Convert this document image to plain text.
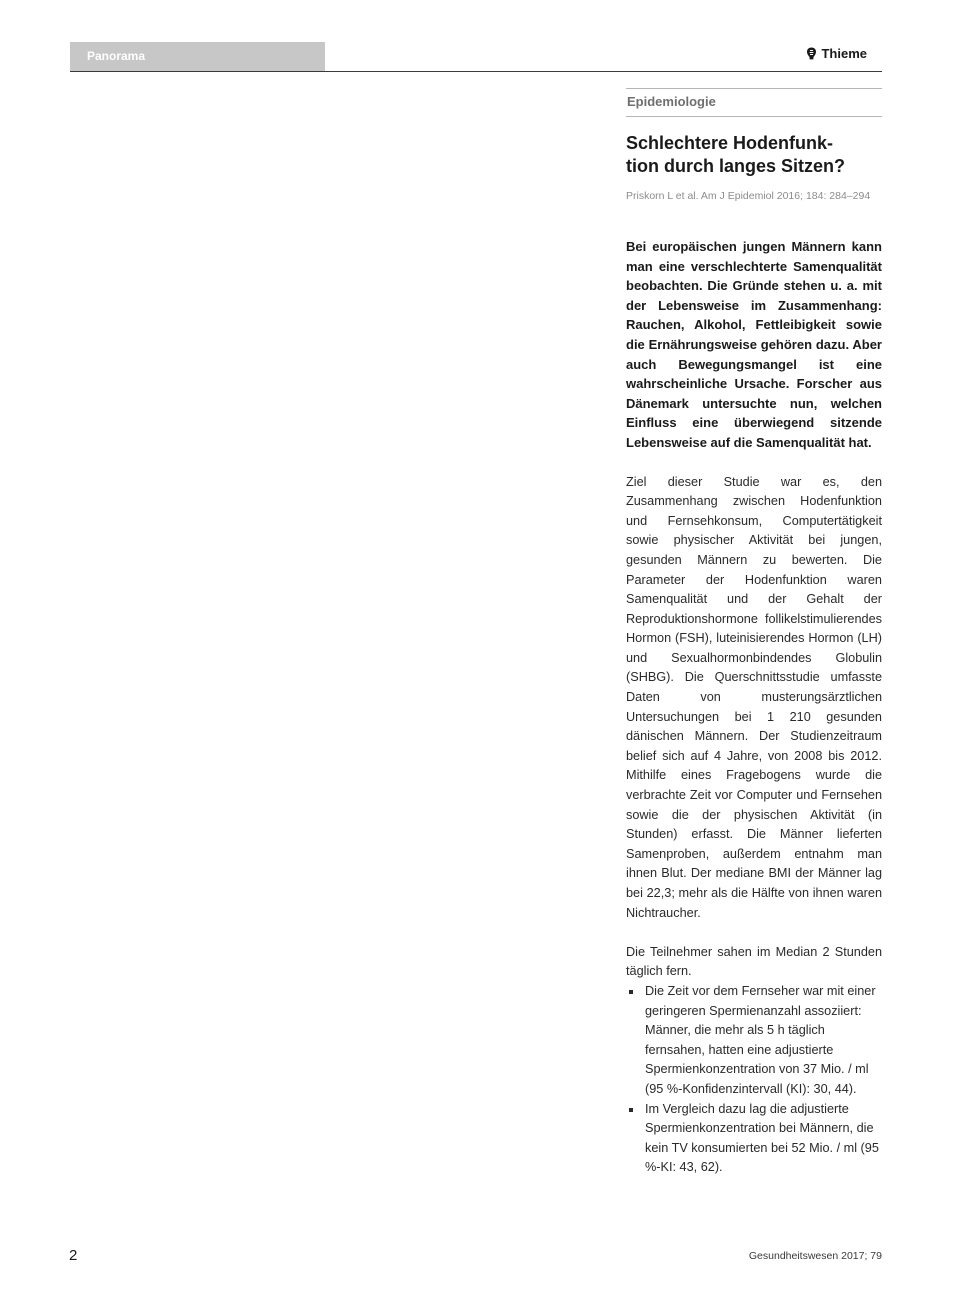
Panorama	Thieme
Epidemiologie
Schlechtere Hodenfunk-
tion durch langes Sitzen?
Priskorn L et al. Am J Epidemiol 2016; 184: 284–294
Bei europäischen jungen Männern kann man eine verschlechterte Samenqualität beobachten. Die Gründe stehen u. a. mit der Lebensweise im Zusammenhang: Rauchen, Alkohol, Fettleibigkeit sowie die Ernährungsweise gehören dazu. Aber auch Bewegungsmangel ist eine wahrscheinliche Ursache. Forscher aus Dänemark untersuchte nun, welchen Einfluss eine überwiegend sitzende Lebensweise auf die Samenqualität hat.

Ziel dieser Studie war es, den Zusammenhang zwischen Hodenfunktion und Fernsehkonsum, Computertätigkeit sowie physischer Aktivität bei jungen, gesunden Männern zu bewerten. Die Parameter der Hodenfunktion waren Samenqualität und der Gehalt der Reproduktionshormone follikelstimulierendes Hormon (FSH), luteinisierendes Hormon (LH) und Sexualhormonbindendes Globulin (SHBG). Die Querschnittsstudie umfasste Daten von musterungsärztlichen Untersuchungen bei 1 210 gesunden dänischen Männern. Der Studienzeitraum belief sich auf 4 Jahre, von 2008 bis 2012. Mithilfe eines Fragebogens wurde die verbrachte Zeit vor Computer und Fernsehen sowie die der physischen Aktivität (in Stunden) erfasst. Die Männer lieferten Samenproben, außerdem entnahm man ihnen Blut. Der mediane BMI der Männer lag bei 22,3; mehr als die Hälfte von ihnen waren Nichtraucher.

Die Teilnehmer sahen im Median 2 Stunden täglich fern.

Die Zeit vor dem Fernseher war mit einer geringeren Spermienanzahl assoziiert: Männer, die mehr als 5 h täglich fernsahen, hatten eine adjustierte Spermienkonzentration von 37 Mio. / ml (95 %-Konfidenzintervall (KI): 30, 44).
Im Vergleich dazu lag die adjustierte Spermienkonzentration bei Männern, die kein TV konsumierten bei 52 Mio. / ml (95 %-KI: 43, 62).
2	Gesundheitswesen 2017; 79
